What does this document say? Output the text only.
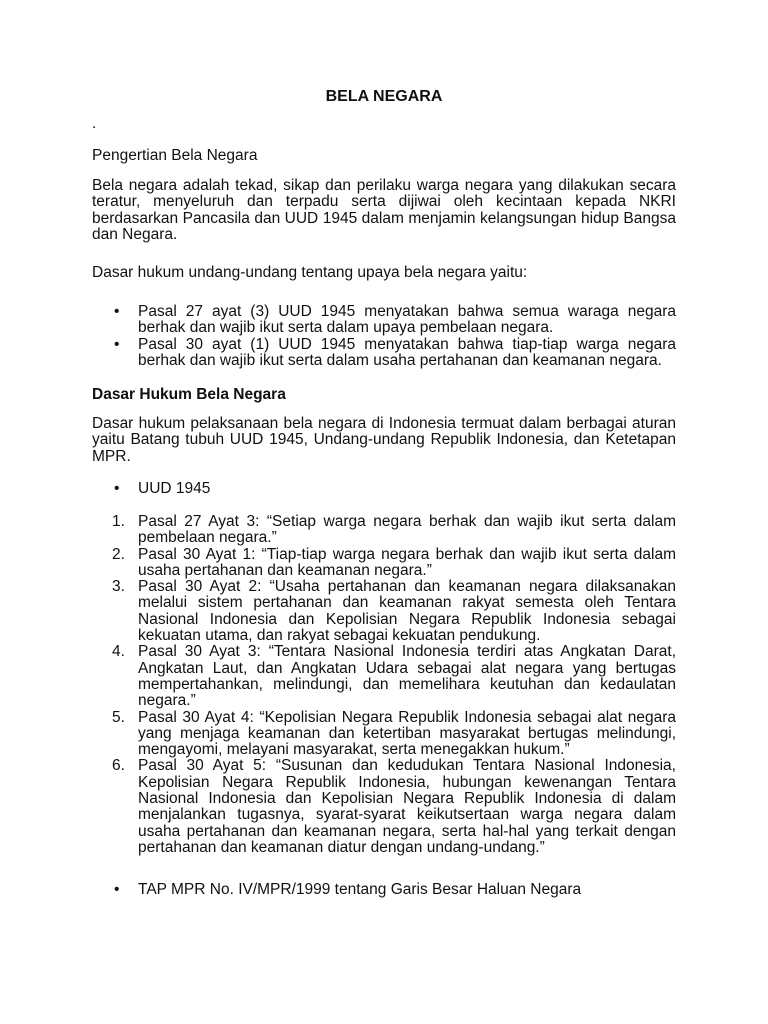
BELA NEGARA
.

Pengertian Bela Negara

Bela negara adalah tekad, sikap dan perilaku warga negara yang dilakukan secara teratur, menyeluruh dan terpadu serta dijiwai oleh kecintaan kepada NKRI berdasarkan Pancasila dan UUD 1945 dalam menjamin kelangsungan hidup Bangsa dan Negara.

Dasar hukum undang-undang tentang upaya bela negara yaitu:

• Pasal 27 ayat (3) UUD 1945 menyatakan bahwa semua waraga negara berhak dan wajib ikut serta dalam upaya pembelaan negara.
• Pasal 30 ayat (1) UUD 1945 menyatakan bahwa tiap-tiap warga negara berhak dan wajib ikut serta dalam usaha pertahanan dan keamanan negara.

Dasar Hukum Bela Negara

Dasar hukum pelaksanaan bela negara di Indonesia termuat dalam berbagai aturan yaitu Batang tubuh UUD 1945, Undang-undang Republik Indonesia, dan Ketetapan MPR.

• UUD 1945
1. Pasal 27 Ayat 3: “Setiap warga negara berhak dan wajib ikut serta dalam pembelaan negara.”
2. Pasal 30 Ayat 1: “Tiap-tiap warga negara berhak dan wajib ikut serta dalam usaha pertahanan dan keamanan negara.”
3. Pasal 30 Ayat 2: “Usaha pertahanan dan keamanan negara dilaksanakan melalui sistem pertahanan dan keamanan rakyat semesta oleh Tentara Nasional Indonesia dan Kepolisian Negara Republik Indonesia sebagai kekuatan utama, dan rakyat sebagai kekuatan pendukung.
4. Pasal 30 Ayat 3: “Tentara Nasional Indonesia terdiri atas Angkatan Darat, Angkatan Laut, dan Angkatan Udara sebagai alat negara yang bertugas mempertahankan, melindungi, dan memelihara keutuhan dan kedaulatan negara.”
5. Pasal 30 Ayat 4: “Kepolisian Negara Republik Indonesia sebagai alat negara yang menjaga keamanan dan ketertiban masyarakat bertugas melindungi, mengayomi, melayani masyarakat, serta menegakkan hukum.”
6. Pasal 30 Ayat 5: “Susunan dan kedudukan Tentara Nasional Indonesia, Kepolisian Negara Republik Indonesia, hubungan kewenangan Tentara Nasional Indonesia dan Kepolisian Negara Republik Indonesia di dalam menjalankan tugasnya, syarat-syarat keikutsertaan warga negara dalam usaha pertahanan dan keamanan negara, serta hal-hal yang terkait dengan pertahanan dan keamanan diatur dengan undang-undang.”
• TAP MPR No. IV/MPR/1999 tentang Garis Besar Haluan Negara
